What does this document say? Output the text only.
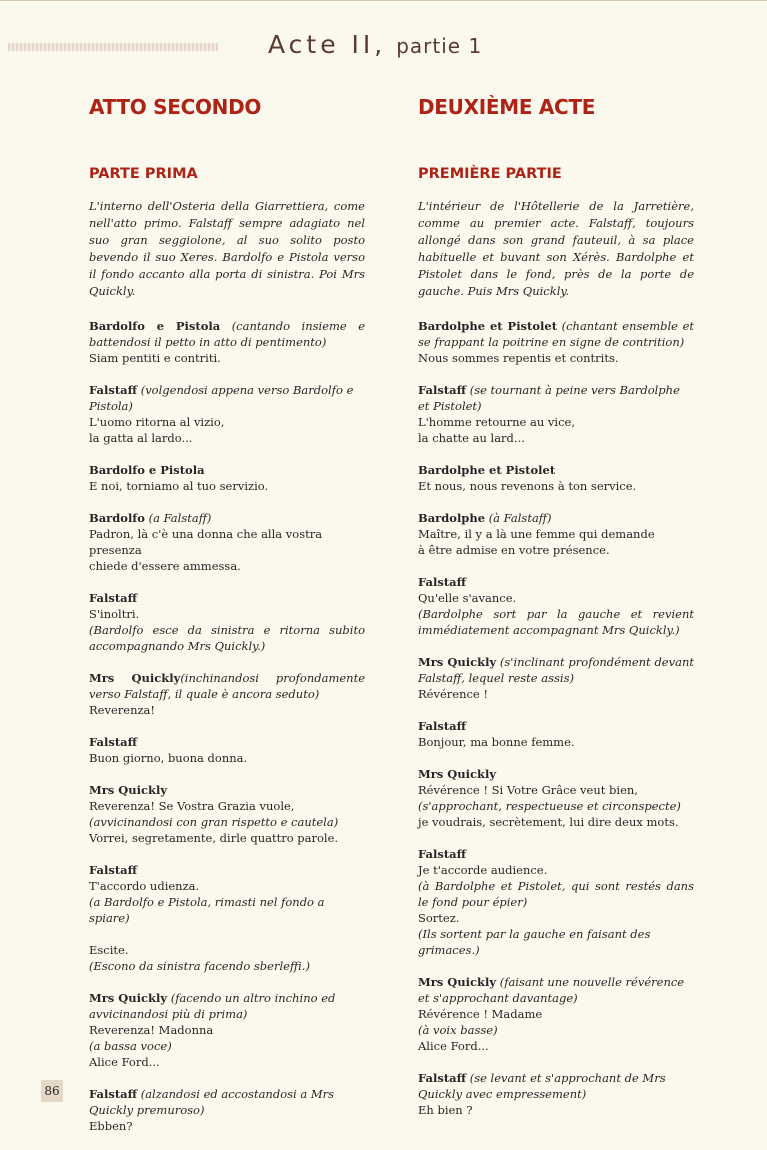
Acte II, partie 1
ATTO SECONDO
PARTE PRIMA
L'interno dell'Osteria della Giarrettiera, come nell'atto primo. Falstaff sempre adagiato nel suo gran seggiolone, al suo solito posto bevendo il suo Xeres. Bardolfo e Pistola verso il fondo accanto alla porta di sinistra. Poi Mrs Quickly.
Bardolfo e Pistola (cantando insieme e battendosi il petto in atto di pentimento)
Siam pentiti e contriti.
Falstaff (volgendosi appena verso Bardolfo e Pistola)
L'uomo ritorna al vizio,
la gatta al lardo...
Bardolfo e Pistola
E noi, torniamo al tuo servizio.
Bardolfo (a Falstaff)
Padron, là c'è una donna che alla vostra presenza
chiede d'essere ammessa.
Falstaff
S'inoltri.
(Bardolfo esce da sinistra e ritorna subito accompagnando Mrs Quickly.)
Mrs Quickly(inchinandosi profondamente verso Falstaff, il quale è ancora seduto)
Reverenza!
Falstaff
Buon giorno, buona donna.
Mrs Quickly
Reverenza! Se Vostra Grazia vuole,
(avvicinandosi con gran rispetto e cautela)
Vorrei, segretamente, dirle quattro parole.
Falstaff
T'accordo udienza.
(a Bardolfo e Pistola, rimasti nel fondo a spiare)
Escite.
(Escono da sinistra facendo sberleffi.)
Mrs Quickly (facendo un altro inchino ed avvicinandosi più di prima)
Reverenza! Madonna
(a bassa voce)
Alice Ford...
Falstaff (alzandosi ed accostandosi a Mrs Quickly premuroso)
Ebben?
DEUXIÈME ACTE
PREMIÈRE PARTIE
L'intérieur de l'Hôtellerie de la Jarretière, comme au premier acte. Falstaff, toujours allongé dans son grand fauteuil, à sa place habituelle et buvant son Xérès. Bardolphe et Pistolet dans le fond, près de la porte de gauche. Puis Mrs Quickly.
Bardolphe et Pistolet (chantant ensemble et se frappant la poitrine en signe de contrition)
Nous sommes repentis et contrits.
Falstaff (se tournant à peine vers Bardolphe et Pistolet)
L'homme retourne au vice,
la chatte au lard...
Bardolphe et Pistolet
Et nous, nous revenons à ton service.
Bardolphe (à Falstaff)
Maître, il y a là une femme qui demande
à être admise en votre présence.
Falstaff
Qu'elle s'avance.
(Bardolphe sort par la gauche et revient immédiatement accompagnant Mrs Quickly.)
Mrs Quickly (s'inclinant profondément devant Falstaff, lequel reste assis)
Révérence !
Falstaff
Bonjour, ma bonne femme.
Mrs Quickly
Révérence ! Si Votre Grâce veut bien,
(s'approchant, respectueuse et circonspecte)
je voudrais, secrètement, lui dire deux mots.
Falstaff
Je t'accorde audience.
(à Bardolphe et Pistolet, qui sont restés dans le fond pour épier)
Sortez.
(Ils sortent par la gauche en faisant des grimaces.)
Mrs Quickly (faisant une nouvelle révérence et s'approchant davantage)
Révérence ! Madame
(à voix basse)
Alice Ford...
Falstaff (se levant et s'approchant de Mrs Quickly avec empressement)
Eh bien ?
86
